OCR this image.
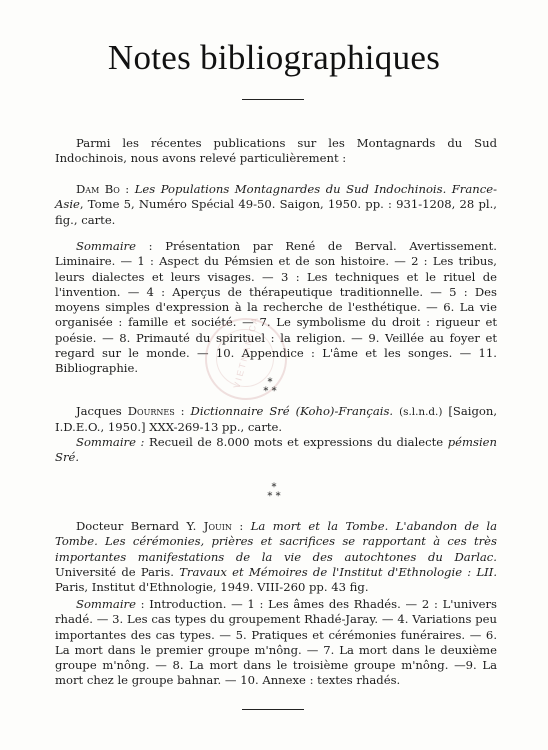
Notes bibliographiques

Parmi les récentes publications sur les Montagnards du Sud Indochinois, nous avons relevé particulièrement :

Dam Bo : Les Populations Montagnardes du Sud Indochinois. France-Asie, Tome 5, Numéro Spécial 49-50. Saigon, 1950. pp. : 931-1208, 28 pl., fig., carte.

Sommaire : Présentation par René de Berval. Avertissement. Liminaire. — 1 : Aspect du Pémsien et de son histoire. — 2 : Les tribus, leurs dialectes et leurs visages. — 3 : Les techniques et le rituel de l'invention. — 4 : Aperçus de thérapeutique traditionnelle. — 5 : Des moyens simples d'expression à la recherche de l'esthétique. — 6. La vie organisée : famille et société. — 7. Le symbolisme du droit : rigueur et poésie. — 8. Primauté du spirituel : la religion. — 9. Veillée au foyer et regard sur le monde. — 10. Appendice : L'âme et les songes. — 11. Bibliographie.	VIETNAMICA *
* *

Jacques Dournes : Dictionnaire Sré (Koho)-Français. (s.l.n.d.) [Saigon, I.D.E.O., 1950.] XXX-269-13 pp., carte.

Sommaire : Recueil de 8.000 mots et expressions du dialecte pémsien Sré.

*
* *

Docteur Bernard Y. Jouin : La mort et la Tombe. L'abandon de la Tombe. Les cérémonies, prières et sacrifices se rapportant à ces très importantes manifestations de la vie des autochtones du Darlac. Université de Paris. Travaux et Mémoires de l'Institut d'Ethnologie : LII. Paris, Institut d'Ethnologie, 1949. VIII-260 pp. 43 fig.

Sommaire : Introduction. — 1 : Les âmes des Rhadés. — 2 : L'univers rhadé. — 3. Les cas types du groupement Rhadé-Jaray. — 4. Variations peu importantes des cas types. — 5. Pratiques et cérémonies funéraires. — 6. La mort dans le premier groupe m'nông. — 7. La mort dans le deuxième groupe m'nông. — 8. La mort dans le troisième groupe m'nông. —9. La mort chez le groupe bahnar. — 10. Annexe : textes rhadés.
